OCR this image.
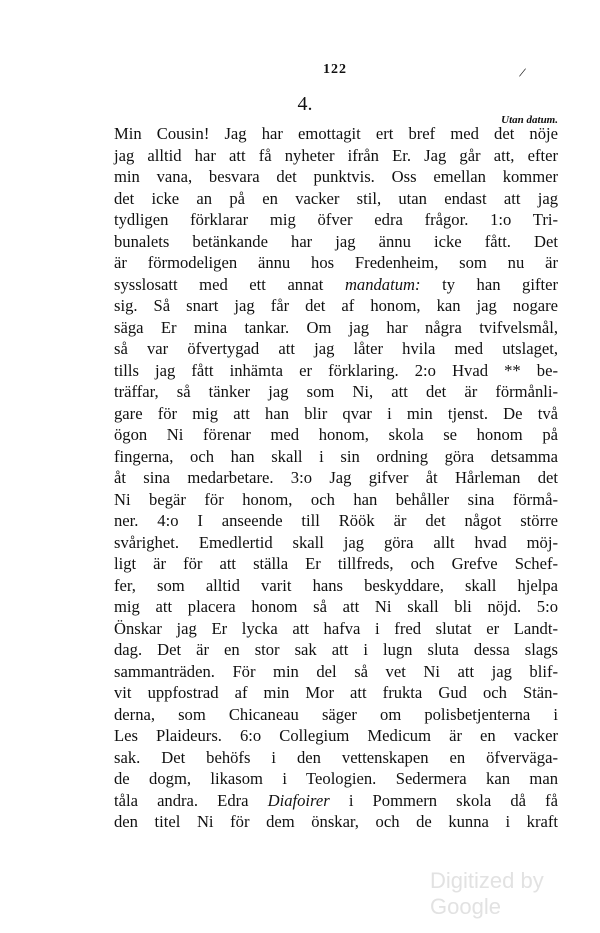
122	/
4.
Utan datum.
Min Cousin! Jag har emottagit ert bref med det nöje
jag alltid har att få nyheter ifrån Er. Jag går att, efter
min vana, besvara det punktvis. Oss emellan kommer
det icke an på en vacker stil, utan endast att jag
tydligen förklarar mig öfver edra frågor. 1:o Tri-
bunalets betänkande har jag ännu icke fått. Det
är förmodeligen ännu hos Fredenheim, som nu är
sysslosatt med ett annat mandatum: ty han gifter
sig. Så snart jag får det af honom, kan jag nogare
säga Er mina tankar. Om jag har några tvifvelsmål,
så var öfvertygad att jag låter hvila med utslaget,
tills jag fått inhämta er förklaring. 2:o Hvad ** be-
träffar, så tänker jag som Ni, att det är förmånli-
gare för mig att han blir qvar i min tjenst. De två
ögon Ni förenar med honom, skola se honom på
fingerna, och han skall i sin ordning göra detsamma
åt sina medarbetare. 3:o Jag gifver åt Hårleman det
Ni begär för honom, och han behåller sina förmå-
ner. 4:o I anseende till Röök är det något större
svårighet. Emedlertid skall jag göra allt hvad möj-
ligt är för att ställa Er tillfreds, och Grefve Schef-
fer, som alltid varit hans beskyddare, skall hjelpa
mig att placera honom så att Ni skall bli nöjd. 5:o
Önskar jag Er lycka att hafva i fred slutat er Landt-
dag. Det är en stor sak att i lugn sluta dessa slags
sammanträden. För min del så vet Ni att jag blif-
vit uppfostrad af min Mor att frukta Gud och Stän-
derna, som Chicaneau säger om polisbetjenterna i
Les Plaideurs. 6:o Collegium Medicum är en vacker
sak. Det behöfs i den vettenskapen en öfverväga-
de dogm, likasom i Teologien. Sedermera kan man
tåla andra. Edra Diafoirer i Pommern skola då få
den titel Ni för dem önskar, och de kunna i kraft
Digitized by Google
